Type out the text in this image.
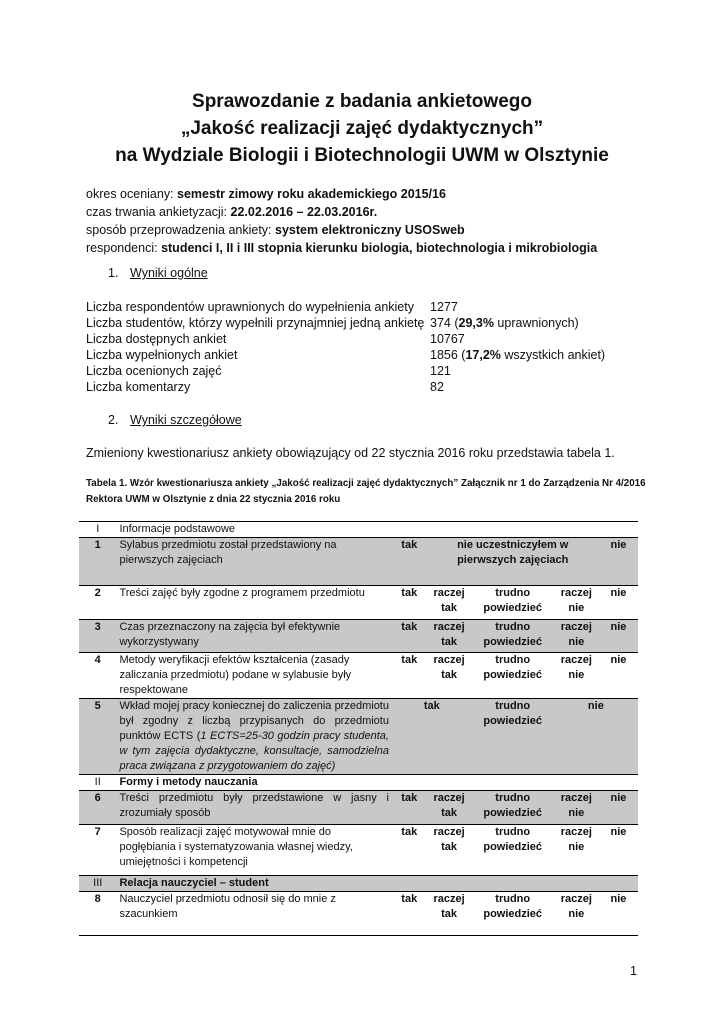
Sprawozdanie z badania ankietowego
„Jakość realizacji zajęć dydaktycznych”
na Wydziale Biologii i Biotechnologii UWM w Olsztynie
okres oceniany: semestr zimowy roku akademickiego 2015/16
czas trwania ankietyzacji: 22.02.2016 – 22.03.2016r.
sposób przeprowadzenia ankiety: system elektroniczny USOSweb
respondenci: studenci I, II i III stopnia kierunku biologia, biotechnologia i mikrobiologia
1. Wyniki ogólne
Liczba respondentów uprawnionych do wypełnienia ankiety 1277
Liczba studentów, którzy wypełnili przynajmniej jedną ankietę 374 (29,3% uprawnionych)
Liczba dostępnych ankiet	10767
Liczba wypełnionych ankiet	1856 (17,2% wszystkich ankiet)
Liczba ocenionych zajęć	121
Liczba komentarzy	82
2. Wyniki szczegółowe
Zmieniony kwestionariusz ankiety obowiązujący od 22 stycznia 2016 roku przedstawia tabela 1.
Tabela 1. Wzór kwestionariusza ankiety „Jakość realizacji zajęć dydaktycznych” Załącznik nr 1 do Zarządzenia Nr 4/2016
Rektora UWM w Olsztynie z dnia 22 stycznia 2016 roku
I	Informacje podstawowe					
1	Sylabus przedmiotu został przedstawiony na pierwszych zajęciach	tak	nie uczestniczyłem w pierwszych zajęciach			nie
2	Treści zajęć były zgodne z programem przedmiotu	tak	raczej tak	trudno powiedzieć	raczej nie	nie
3	Czas przeznaczony na zajęcia był efektywnie wykorzystywany	tak	raczej tak	trudno powiedzieć	raczej nie	nie
4	Metody weryfikacji efektów kształcenia (zasady zaliczania przedmiotu) podane w sylabusie były respektowane	tak	raczej tak	trudno powiedzieć	raczej nie	nie
5	Wkład mojej pracy koniecznej do zaliczenia przedmiotu był zgodny z liczbą przypisanych do przedmiotu punktów ECTS (1 ECTS=25-30 godzin pracy studenta, w tym zajęcia dydaktyczne, konsultacje, samodzielna praca związana z przygotowaniem do zajęć)	tak		trudno powiedzieć	nie	
II	Formy i metody nauczania					
6	Treści przedmiotu były przedstawione w jasny i zrozumiały sposób	tak	raczej tak	trudno powiedzieć	raczej nie	nie
7	Sposób realizacji zajęć motywował mnie do pogłębiania i systematyzowania własnej wiedzy, umiejętności i kompetencji	tak	raczej tak	trudno powiedzieć	raczej nie	nie
III	Relacja nauczyciel – student					
8	Nauczyciel przedmiotu odnosił się do mnie z szacunkiem	tak	raczej tak	trudno powiedzieć	raczej nie	nie
1
